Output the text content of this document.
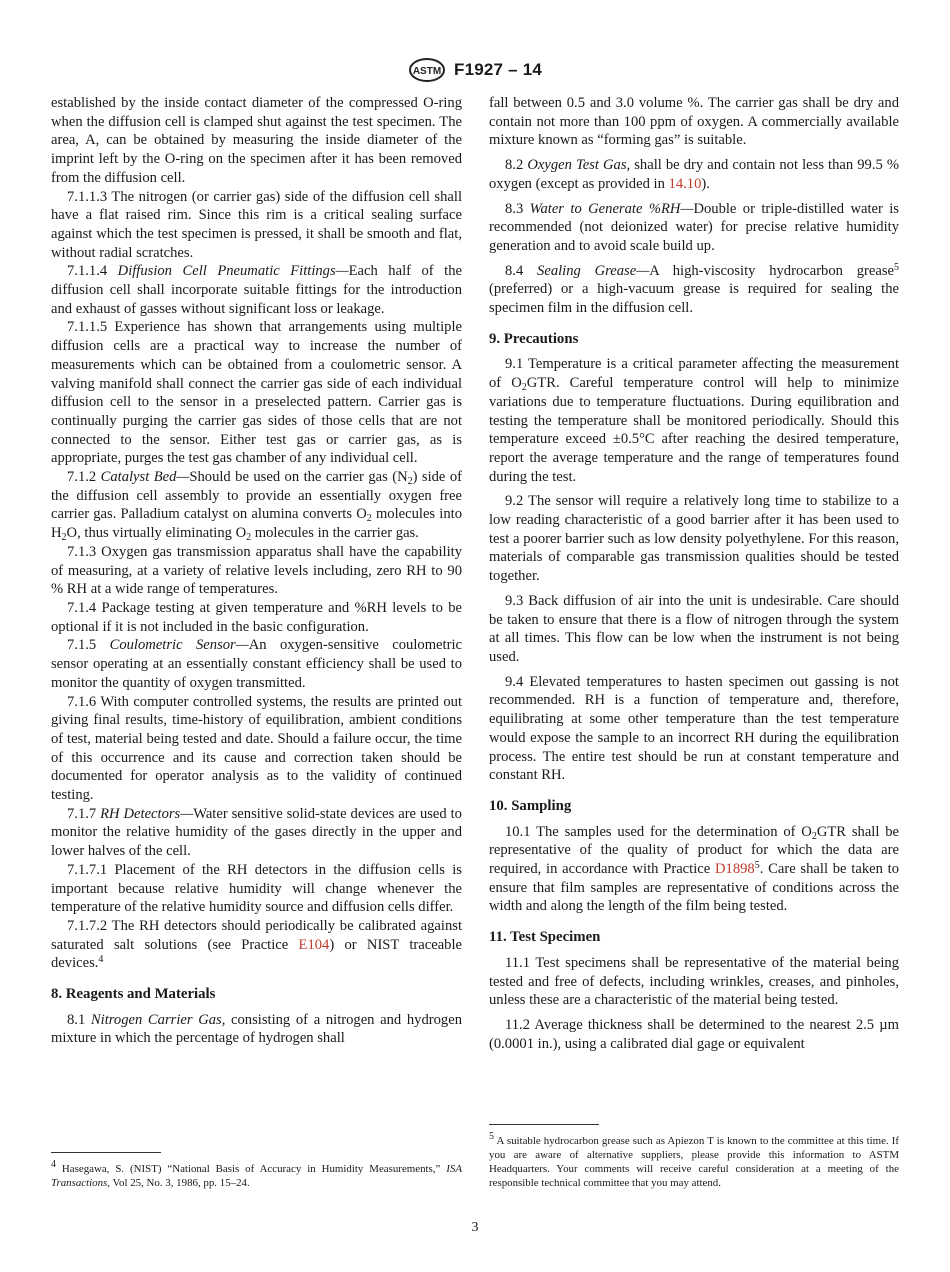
ASTM F1927 – 14

established by the inside contact diameter of the compressed O-ring when the diffusion cell is clamped shut against the test specimen. The area, A, can be obtained by measuring the inside diameter of the imprint left by the O-ring on the specimen after it has been removed from the diffusion cell.

7.1.1.3 The nitrogen (or carrier gas) side of the diffusion cell shall have a flat raised rim. Since this rim is a critical sealing surface against which the test specimen is pressed, it shall be smooth and flat, without radial scratches.

7.1.1.4 Diffusion Cell Pneumatic Fittings—Each half of the diffusion cell shall incorporate suitable fittings for the introduction and exhaust of gasses without significant loss or leakage.

7.1.1.5 Experience has shown that arrangements using multiple diffusion cells are a practical way to increase the number of measurements which can be obtained from a coulometric sensor. A valving manifold shall connect the carrier gas side of each individual diffusion cell to the sensor in a preselected pattern. Carrier gas is continually purging the carrier gas sides of those cells that are not connected to the sensor. Either test gas or carrier gas, as is appropriate, purges the test gas chamber of any individual cell.

7.1.2 Catalyst Bed—Should be used on the carrier gas $(N_2)$ side of the diffusion cell assembly to provide an essentially oxygen free carrier gas. Palladium catalyst on alumina converts $O_2$ molecules into $H_2O$, thus virtually eliminating $O_2$ molecules in the carrier gas.

7.1.3 Oxygen gas transmission apparatus shall have the capability of measuring, at a variety of relative levels including, zero RH to 90 % RH at a wide range of temperatures.

7.1.4 Package testing at given temperature and %RH levels to be optional if it is not included in the basic configuration.

7.1.5 Coulometric Sensor—An oxygen-sensitive coulometric sensor operating at an essentially constant efficiency shall be used to monitor the quantity of oxygen transmitted.

7.1.6 With computer controlled systems, the results are printed out giving final results, time-history of equilibration, ambient conditions of test, material being tested and date. Should a failure occur, the time of this occurrence and its cause and correction taken should be documented for operator analysis as to the validity of continued testing.

7.1.7 RH Detectors—Water sensitive solid-state devices are used to monitor the relative humidity of the gases directly in the upper and lower halves of the cell.

7.1.7.1 Placement of the RH detectors in the diffusion cells is important because relative humidity will change whenever the temperature of the relative humidity source and diffusion cells differ.

7.1.7.2 The RH detectors should periodically be calibrated against saturated salt solutions (see Practice E104) or NIST traceable devices.$^4$

8. Reagents and Materials

8.1 Nitrogen Carrier Gas, consisting of a nitrogen and hydrogen mixture in which the percentage of hydrogen shall

fall between 0.5 and 3.0 volume %. The carrier gas shall be dry and contain not more than 100 ppm of oxygen. A commercially available mixture known as “forming gas” is suitable.

8.2 Oxygen Test Gas, shall be dry and contain not less than 99.5 % oxygen (except as provided in 14.10).

8.3 Water to Generate %RH—Double or triple-distilled water is recommended (not deionized water) for precise relative humidity generation and to avoid scale build up.

8.4 Sealing Grease—A high-viscosity hydrocarbon grease$^5$ (preferred) or a high-vacuum grease is required for sealing the specimen film in the diffusion cell.

9. Precautions

9.1 Temperature is a critical parameter affecting the measurement of $O_2GTR$. Careful temperature control will help to minimize variations due to temperature fluctuations. During equilibration and testing the temperature shall be monitored periodically. Should this temperature exceed ±0.5°C after reaching the desired temperature, report the average temperature and the range of temperatures found during the test.

9.2 The sensor will require a relatively long time to stabilize to a low reading characteristic of a good barrier after it has been used to test a poorer barrier such as low density polyethylene. For this reason, materials of comparable gas transmission qualities should be tested together.

9.3 Back diffusion of air into the unit is undesirable. Care should be taken to ensure that there is a flow of nitrogen through the system at all times. This flow can be low when the instrument is not being used.

9.4 Elevated temperatures to hasten specimen out gassing is not recommended. RH is a function of temperature and, therefore, equilibrating at some other temperature than the test temperature would expose the sample to an incorrect RH during the equilibration process. The entire test should be run at constant temperature and constant RH.

10. Sampling

10.1 The samples used for the determination of $O_2GTR$ shall be representative of the quality of product for which the data are required, in accordance with Practice D1898$^5$. Care shall be taken to ensure that film samples are representative of conditions across the width and along the length of the film being tested.

11. Test Specimen

11.1 Test specimens shall be representative of the material being tested and free of defects, including wrinkles, creases, and pinholes, unless these are a characteristic of the material being tested.

11.2 Average thickness shall be determined to the nearest 2.5 µm (0.0001 in.), using a calibrated dial gage or equivalent

$^4$ Hasegawa, S. (NIST) “National Basis of Accuracy in Humidity Measurements,” ISA Transactions, Vol 25, No. 3, 1986, pp. 15–24.
$^5$ A suitable hydrocarbon grease such as Apiezon T is known to the committee at this time. If you are aware of alternative suppliers, please provide this information to ASTM Headquarters. Your comments will receive careful consideration at a meeting of the responsible technical committee that you may attend.
3
